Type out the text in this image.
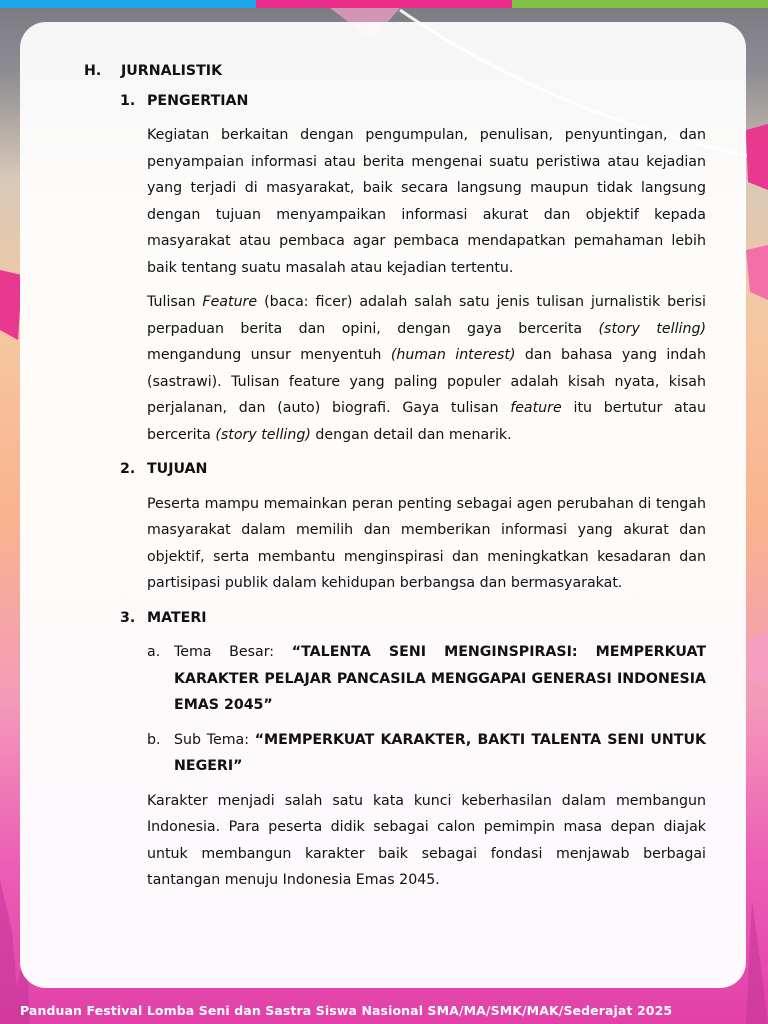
H.	JURNALISTIK
1. PENGERTIAN

Kegiatan berkaitan dengan pengumpulan, penulisan, penyuntingan, dan penyampaian informasi atau berita mengenai suatu peristiwa atau kejadian yang terjadi di masyarakat, baik secara langsung maupun tidak langsung dengan tujuan menyampaikan informasi akurat dan objektif kepada masyarakat atau pembaca agar pembaca mendapatkan pemahaman lebih baik tentang suatu masalah atau kejadian tertentu.

Tulisan Feature (baca: ficer) adalah salah satu jenis tulisan jurnalistik berisi perpaduan berita dan opini, dengan gaya bercerita (story telling) mengandung unsur menyentuh (human interest) dan bahasa yang indah (sastrawi). Tulisan feature yang paling populer adalah kisah nyata, kisah perjalanan, dan (auto) biografi. Gaya tulisan feature itu bertutur atau bercerita (story telling) dengan detail dan menarik.

2. TUJUAN

Peserta mampu memainkan peran penting sebagai agen perubahan di tengah masyarakat dalam memilih dan memberikan informasi yang akurat dan objektif, serta membantu menginspirasi dan meningkatkan kesadaran dan partisipasi publik dalam kehidupan berbangsa dan bermasyarakat.

3. MATERI
a. Tema Besar: “TALENTA SENI MENGINSPIRASI: MEMPERKUAT KARAKTER PELAJAR PANCASILA MENGGAPAI GENERASI INDONESIA EMAS 2045”
b. Sub Tema: “MEMPERKUAT KARAKTER, BAKTI TALENTA SENI UNTUK NEGERI”

Karakter menjadi salah satu kata kunci keberhasilan dalam membangun Indonesia. Para peserta didik sebagai calon pemimpin masa depan diajak untuk membangun karakter baik sebagai fondasi menjawab berbagai tantangan menuju Indonesia Emas 2045.

Panduan Festival Lomba Seni dan Sastra Siswa Nasional SMA/MA/SMK/MAK/Sederajat 2025
